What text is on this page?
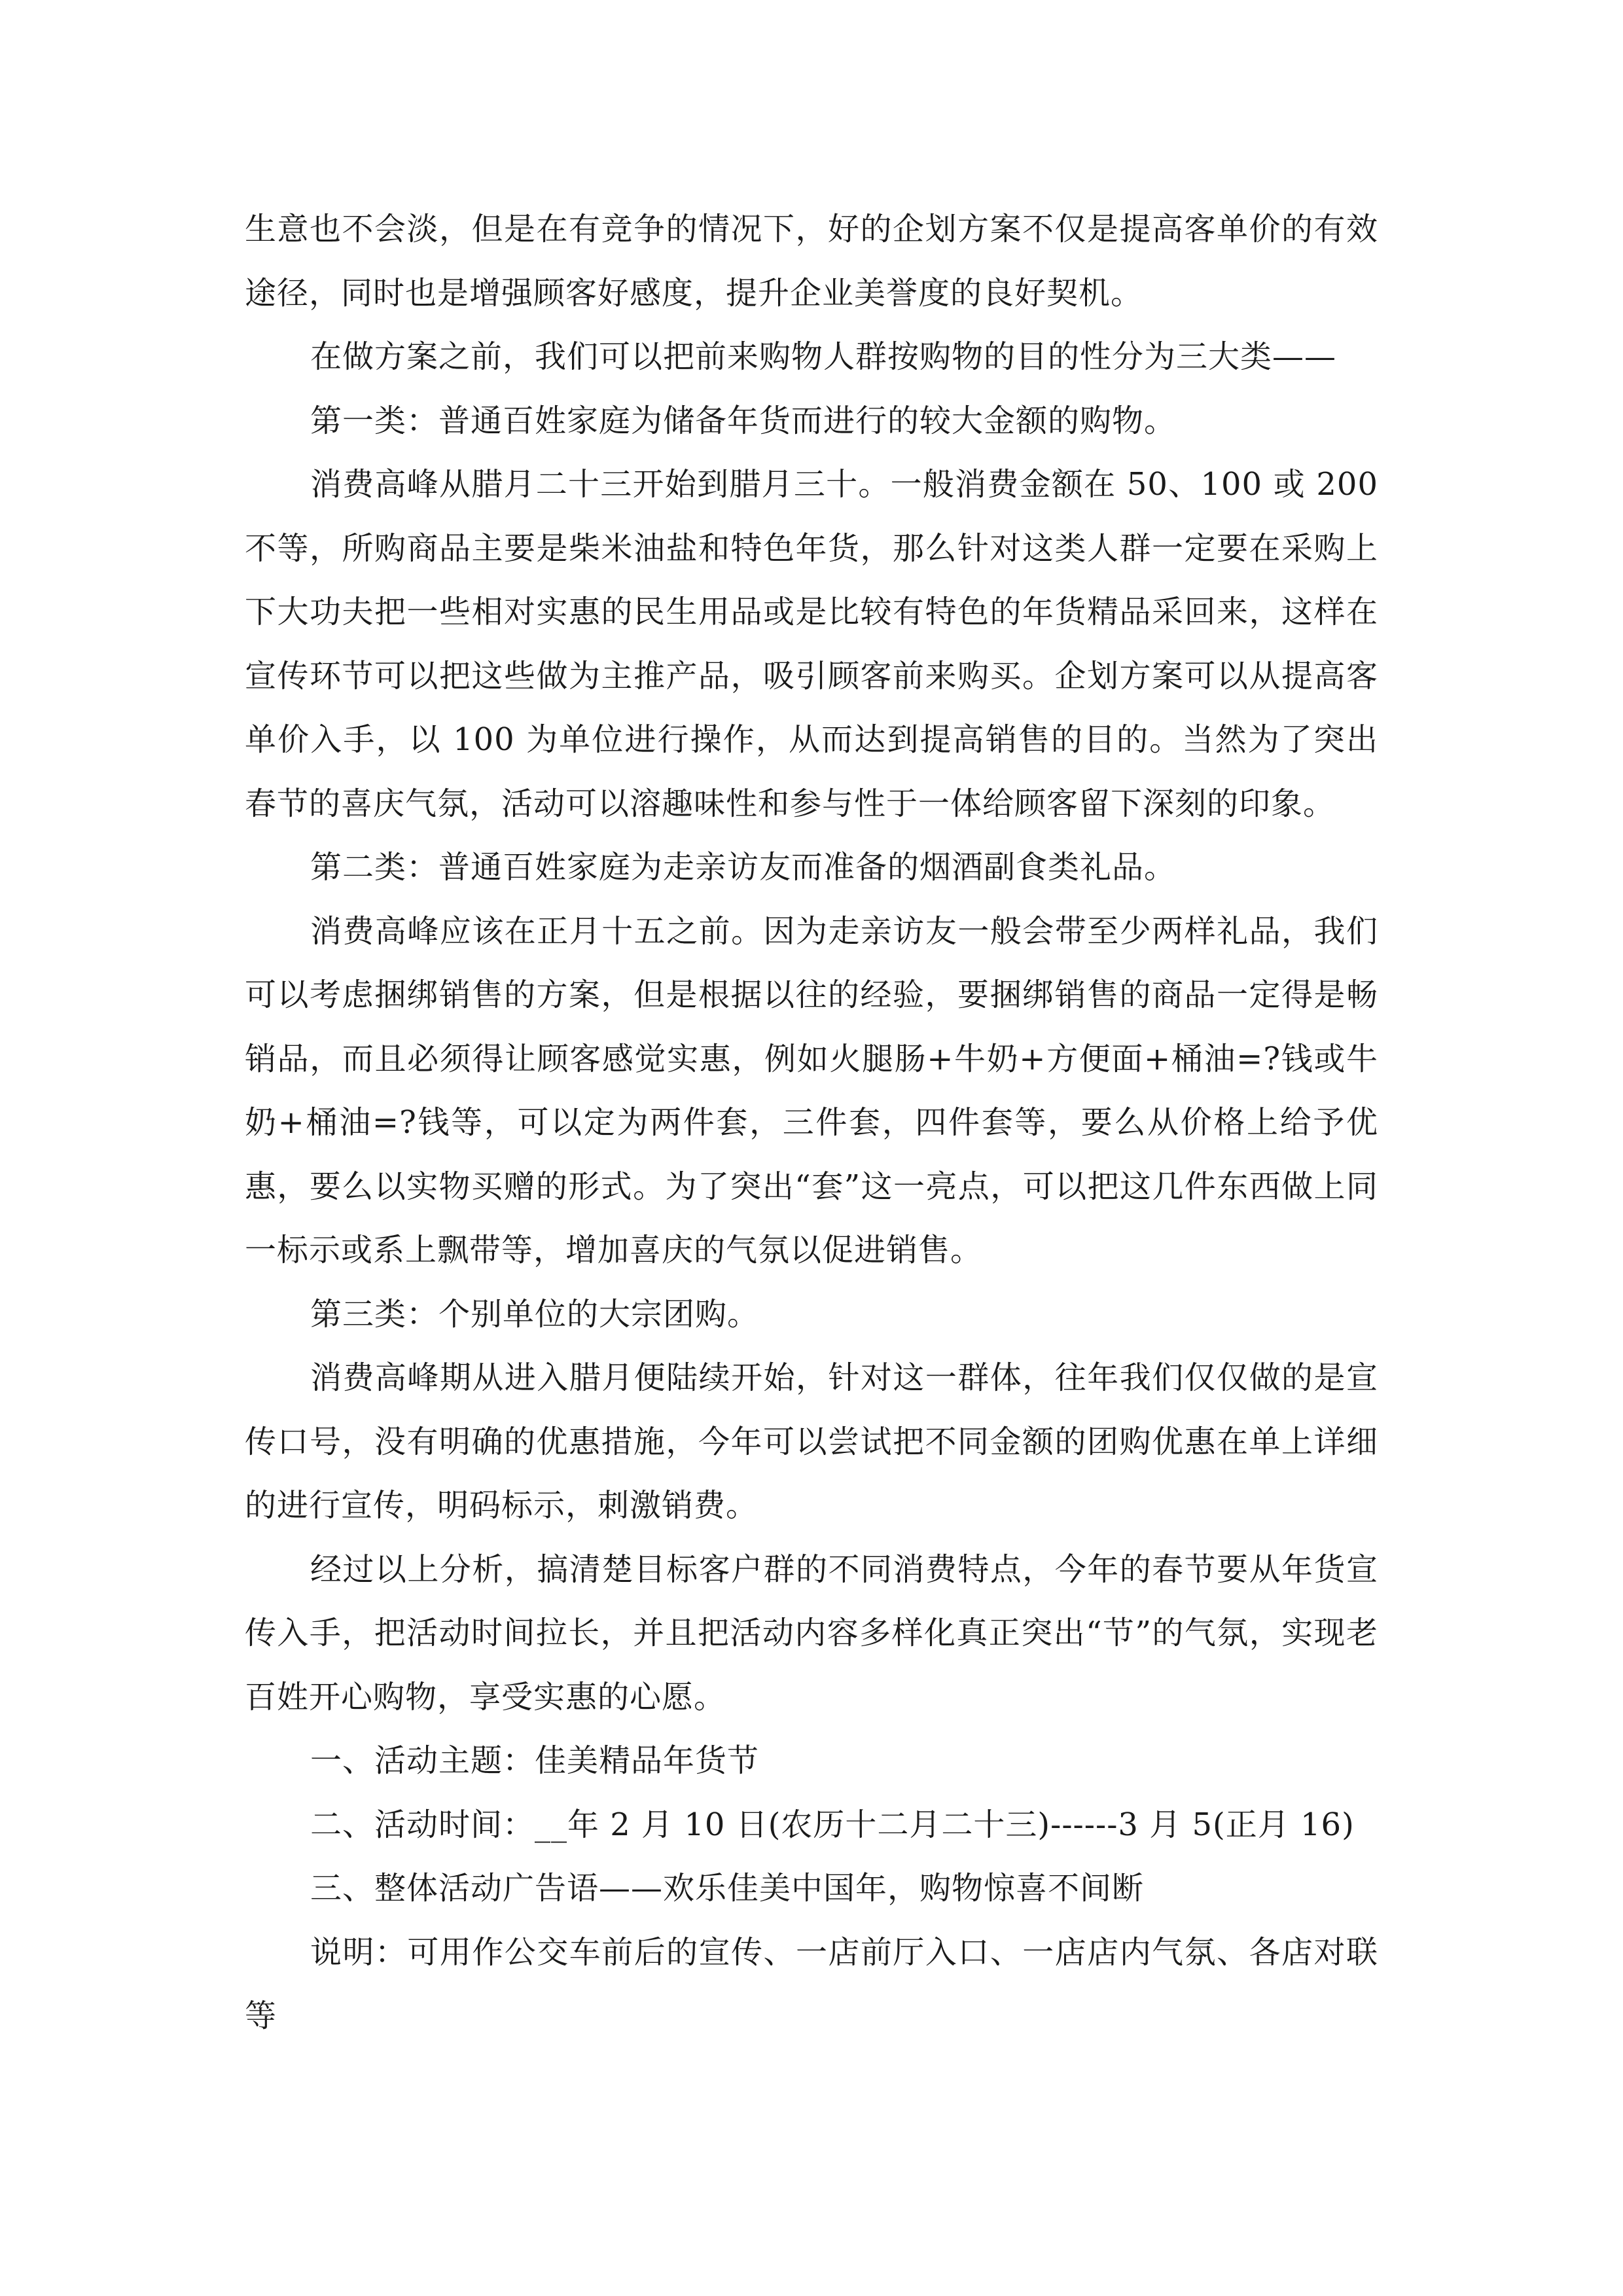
生意也不会淡，但是在有竞争的情况下，好的企划方案不仅是提高客单价的有效途径，同时也是增强顾客好感度，提升企业美誉度的良好契机。

在做方案之前，我们可以把前来购物人群按购物的目的性分为三大类——

第一类：普通百姓家庭为储备年货而进行的较大金额的购物。

消费高峰从腊月二十三开始到腊月三十。一般消费金额在 50、100 或 200 不等，所购商品主要是柴米油盐和特色年货，那么针对这类人群一定要在采购上下大功夫把一些相对实惠的民生用品或是比较有特色的年货精品采回来，这样在宣传环节可以把这些做为主推产品，吸引顾客前来购买。企划方案可以从提高客单价入手，以 100 为单位进行操作，从而达到提高销售的目的。当然为了突出春节的喜庆气氛，活动可以溶趣味性和参与性于一体给顾客留下深刻的印象。

第二类：普通百姓家庭为走亲访友而准备的烟酒副食类礼品。

消费高峰应该在正月十五之前。因为走亲访友一般会带至少两样礼品，我们可以考虑捆绑销售的方案，但是根据以往的经验，要捆绑销售的商品一定得是畅销品，而且必须得让顾客感觉实惠，例如火腿肠+牛奶+方便面+桶油=?钱或牛奶+桶油=?钱等，可以定为两件套，三件套，四件套等，要么从价格上给予优惠，要么以实物买赠的形式。为了突出“套”这一亮点，可以把这几件东西做上同一标示或系上飘带等，增加喜庆的气氛以促进销售。

第三类：个别单位的大宗团购。

消费高峰期从进入腊月便陆续开始，针对这一群体，往年我们仅仅做的是宣传口号，没有明确的优惠措施，今年可以尝试把不同金额的团购优惠在单上详细的进行宣传，明码标示，刺激销费。

经过以上分析，搞清楚目标客户群的不同消费特点，今年的春节要从年货宣传入手，把活动时间拉长，并且把活动内容多样化真正突出“节”的气氛，实现老百姓开心购物，享受实惠的心愿。

一、活动主题：佳美精品年货节

二、活动时间：__年 2 月 10 日(农历十二月二十三)------3 月 5(正月 16)

三、整体活动广告语——欢乐佳美中国年，购物惊喜不间断

说明：可用作公交车前后的宣传、一店前厅入口、一店店内气氛、各店对联等
